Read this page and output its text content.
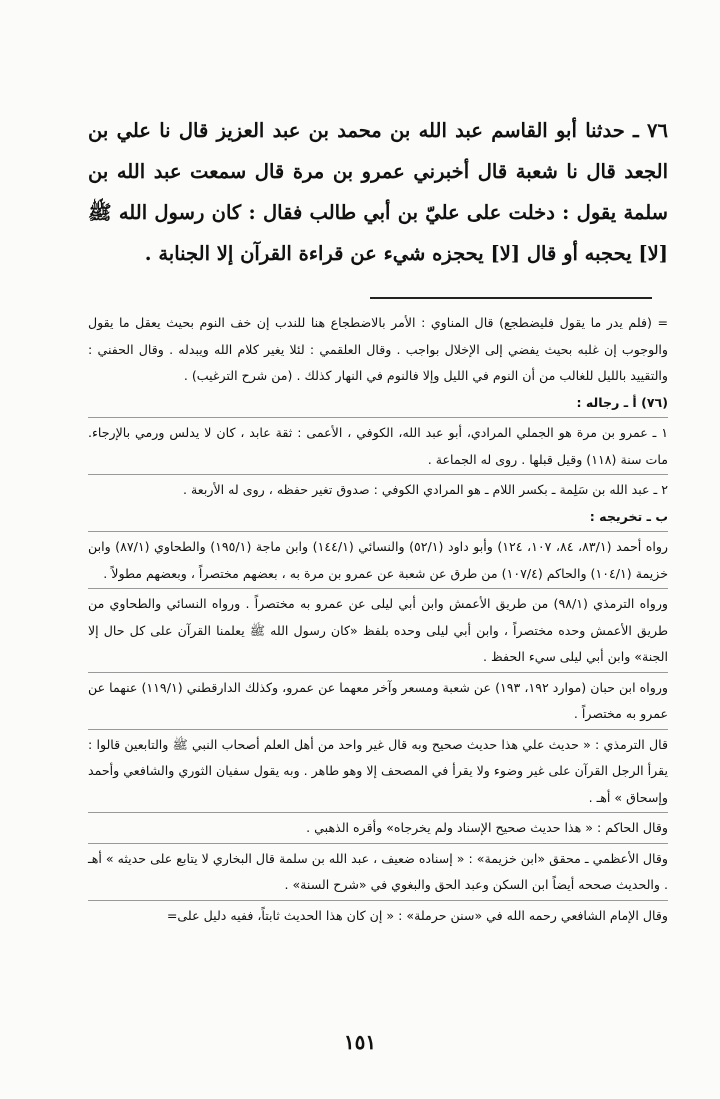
٧٦ ـ حدثنا أبو القاسم عبد الله بن محمد بن عبد العزيز قال نا علي بن الجعد قال نا شعبة قال أخبرني عمرو بن مرة قال سمعت عبد الله بن سلمة يقول : دخلت على عليّ بن أبي طالب فقال : كان رسول الله ﷺ [لا] يحجبه أو قال [لا] يحجزه شيء عن قراءة القرآن إلا الجنابة .

= (فلم يدر ما يقول فليضطجع) قال المناوي : الأمر بالاضطجاع هنا للندب إن خف النوم بحيث يعقل ما يقول والوجوب إن غلبه بحيث يفضي إلى الإخلال بواجب . وقال العلقمي : لئلا يغير كلام الله ويبدله . وقال الحفني : والتقييد بالليل للغالب من أن النوم في الليل وإلا فالنوم في النهار كذلك . (من شرح الترغيب) .

(٧٦) أ ـ رجاله :

١ ـ عمرو بن مرة هو الجملي المرادي، أبو عبد الله، الكوفي ، الأعمى : ثقة عابد ، كان لا يدلس ورمي بالإرجاء. مات سنة (١١٨) وقيل قبلها . روى له الجماعة .

٢ ـ عبد الله بن سَلِمة ـ بكسر اللام ـ هو المرادي الكوفي : صدوق تغير حفظه ، روى له الأربعة .

ب ـ تخريجه :

رواه أحمد (٨٣/١، ٨٤، ١٠٧، ١٢٤) وأبو داود (٥٢/١) والنسائي (١٤٤/١) وابن ماجة (١٩٥/١) والطحاوي (٨٧/١) وابن خزيمة (١٠٤/١) والحاكم (١٠٧/٤) من طرق عن شعبة عن عمرو بن مرة به ، بعضهم مختصراً ، وبعضهم مطولاً .

ورواه الترمذي (٩٨/١) من طريق الأعمش وابن أبي ليلى عن عمرو به مختصراً . ورواه النسائي والطحاوي من طريق الأعمش وحده مختصراً ، وابن أبي ليلى وحده بلفظ «كان رسول الله ﷺ يعلمنا القرآن على كل حال إلا الجنة» وابن أبي ليلى سيء الحفظ .

ورواه ابن حبان (موارد ١٩٢، ١٩٣) عن شعبة ومسعر وآخر معهما عن عمرو، وكذلك الدارقطني (١١٩/١) عنهما عن عمرو به مختصراً .

قال الترمذي : « حديث علي هذا حديث صحيح وبه قال غير واحد من أهل العلم أصحاب النبي ﷺ والتابعين قالوا : يقرأ الرجل القرآن على غير وضوء ولا يقرأ في المصحف إلا وهو طاهر . وبه يقول سفيان الثوري والشافعي وأحمد وإسحاق » أهـ .

وقال الحاكم : « هذا حديث صحيح الإسناد ولم يخرجاه» وأقره الذهبي .

وقال الأعظمي ـ محقق «ابن خزيمة» : « إسناده ضعيف ، عبد الله بن سلمة قال البخاري لا يتابع على حديثه » أهـ . والحديث صححه أيضاً ابن السكن وعبد الحق والبغوي في «شرح السنة» .

وقال الإمام الشافعي رحمه الله في «سنن حرملة» : « إن كان هذا الحديث ثابتاً، ففيه دليل على=

١٥١
